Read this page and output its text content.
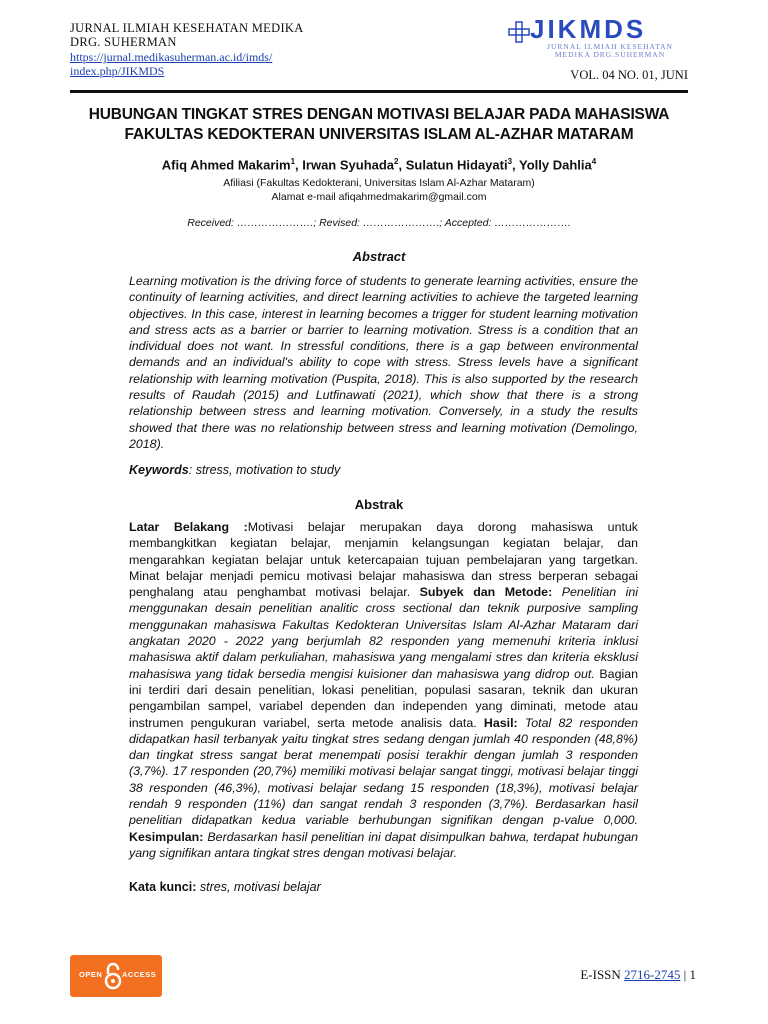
JURNAL ILMIAH KESEHATAN MEDIKA
DRG. SUHERMAN
https://jurnal.medikasuherman.ac.id/imds/
index.php/JIKMDS
JIKMDS
JURNAL ILMIAH KESEHATAN
MEDIKA DRG.SUHERMAN
VOL. 04 NO. 01, JUNI
HUBUNGAN TINGKAT STRES DENGAN MOTIVASI BELAJAR PADA MAHASISWA
FAKULTAS KEDOKTERAN UNIVERSITAS ISLAM AL-AZHAR MATARAM
Afiq Ahmed Makarim$^1$, Irwan Syuhada$^2$, Sulatun Hidayati$^3$, Yolly Dahlia$^4$
Afiliasi (Fakultas Kedokterani, Universitas Islam Al-Azhar Mataram)
Alamat e-mail afiqahmedmakarim@gmail.com
Received: ………………….; Revised: ………………….; Accepted: ………………….
Abstract
Learning motivation is the driving force of students to generate learning activities, ensure the continuity of learning activities, and direct learning activities to achieve the targeted learning objectives. In this case, interest in learning becomes a trigger for student learning motivation and stress acts as a barrier or barrier to learning motivation. Stress is a condition that an individual does not want. In stressful conditions, there is a gap between environmental demands and an individual's ability to cope with stress. Stress levels have a significant relationship with learning motivation (Puspita, 2018). This is also supported by the research results of Raudah (2015) and Lutfinawati (2021), which show that there is a strong relationship between stress and learning motivation. Conversely, in a study the results showed that there was no relationship between stress and learning motivation (Demolingo, 2018).
Keywords: stress, motivation to study
Abstrak
Latar Belakang :Motivasi belajar merupakan daya dorong mahasiswa untuk membangkitkan kegiatan belajar, menjamin kelangsungan kegiatan belajar, dan mengarahkan kegiatan belajar untuk ketercapaian tujuan pembelajaran yang targetkan. Minat belajar menjadi pemicu motivasi belajar mahasiswa dan stress berperan sebagai penghalang atau penghambat motivasi belajar. Subyek dan Metode: Penelitian ini menggunakan desain penelitian analitic cross sectional dan teknik purposive sampling menggunakan mahasiswa Fakultas Kedokteran Universitas Islam Al-Azhar Mataram dari angkatan 2020 - 2022 yang berjumlah 82 responden yang memenuhi kriteria inklusi mahasiswa aktif dalam perkuliahan, mahasiswa yang mengalami stres dan kriteria eksklusi mahasiswa yang tidak bersedia mengisi kuisioner dan mahasiswa yang didrop out. Bagian ini terdiri dari desain penelitian, lokasi penelitian, populasi sasaran, teknik dan ukuran pengambilan sampel, variabel dependen dan independen yang diminati, metode atau instrumen pengukuran variabel, serta metode analisis data. Hasil: Total 82 responden didapatkan hasil terbanyak yaitu tingkat stres sedang dengan jumlah 40 responden (48,8%) dan tingkat stress sangat berat menempati posisi terakhir dengan jumlah 3 responden (3,7%). 17 responden (20,7%) memiliki motivasi belajar sangat tinggi, motivasi belajar tinggi 38 responden (46,3%), motivasi belajar sedang 15 responden (18,3%), motivasi belajar rendah 9 responden (11%) dan sangat rendah 3 responden (3,7%). Berdasarkan hasil penelitian didapatkan kedua variable berhubungan signifikan dengan p-value 0,000. Kesimpulan: Berdasarkan hasil penelitian ini dapat disimpulkan bahwa, terdapat hubungan yang signifikan antara tingkat stres dengan motivasi belajar.
Kata kunci: stres, motivasi belajar
OPEN	ACCESS	E-ISSN 2716-2745 | 1
